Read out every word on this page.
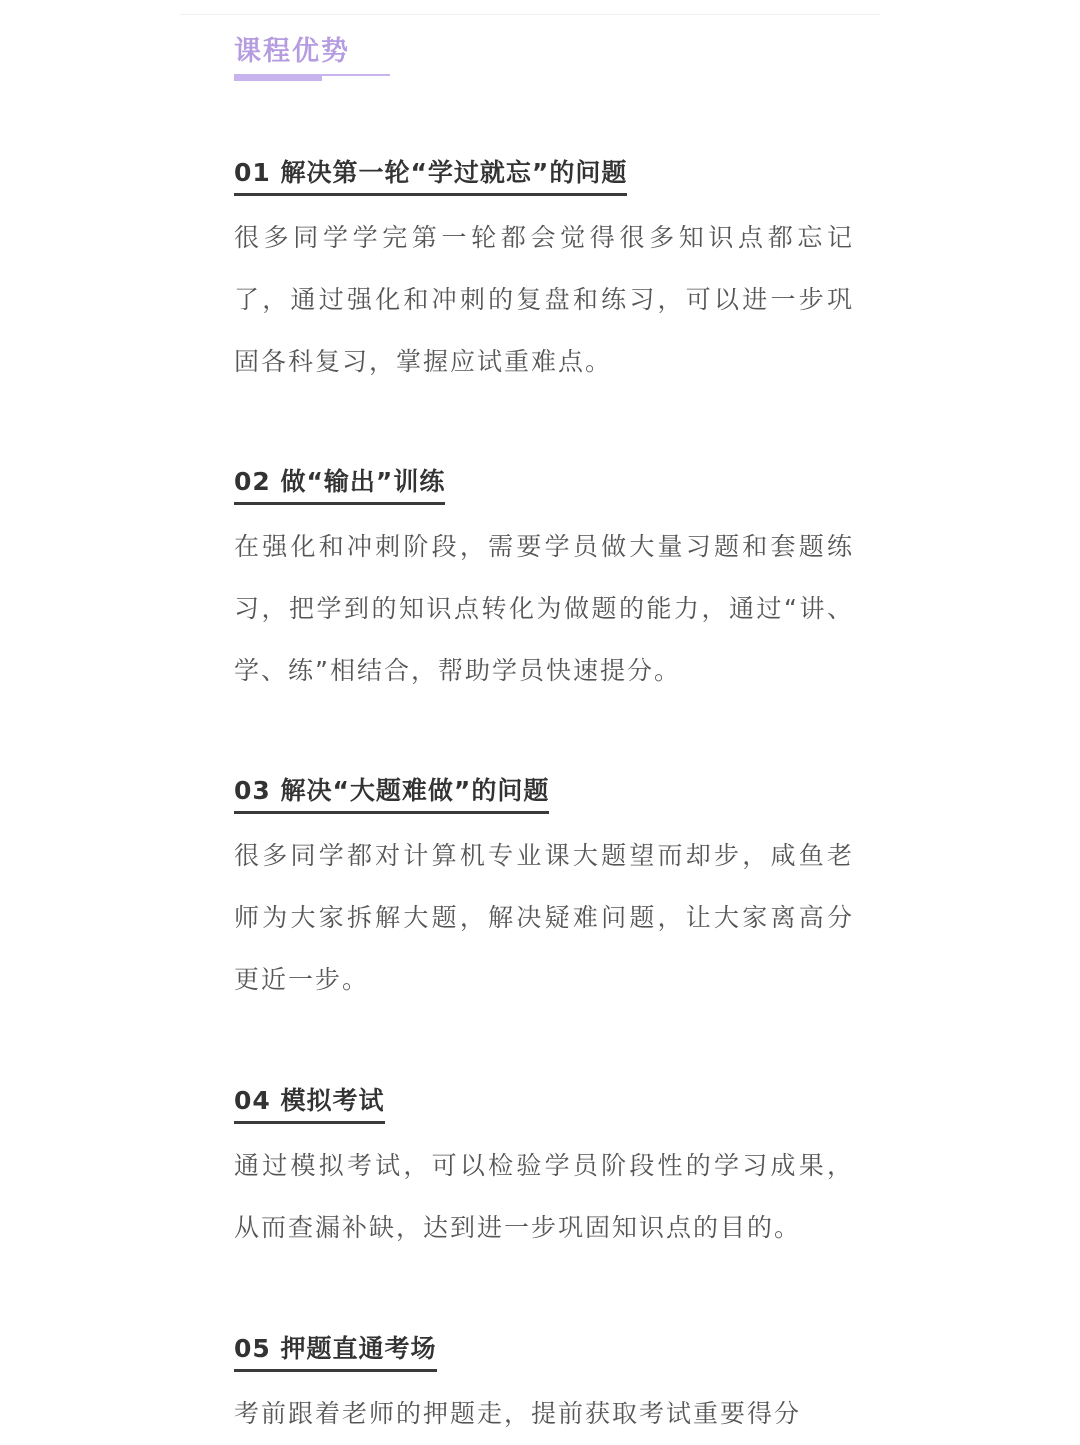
课程优势
01 解决第一轮“学过就忘”的问题
很多同学学完第一轮都会觉得很多知识点都忘记了，通过强化和冲刺的复盘和练习，可以进一步巩固各科复习，掌握应试重难点。
02 做“输出”训练
在强化和冲刺阶段，需要学员做大量习题和套题练习，把学到的知识点转化为做题的能力，通过“讲、学、练”相结合，帮助学员快速提分。
03 解决“大题难做”的问题
很多同学都对计算机专业课大题望而却步，咸鱼老师为大家拆解大题，解决疑难问题，让大家离高分更近一步。
04 模拟考试
通过模拟考试，可以检验学员阶段性的学习成果，从而查漏补缺，达到进一步巩固知识点的目的。
05 押题直通考场
考前跟着老师的押题走，提前获取考试重要得分
